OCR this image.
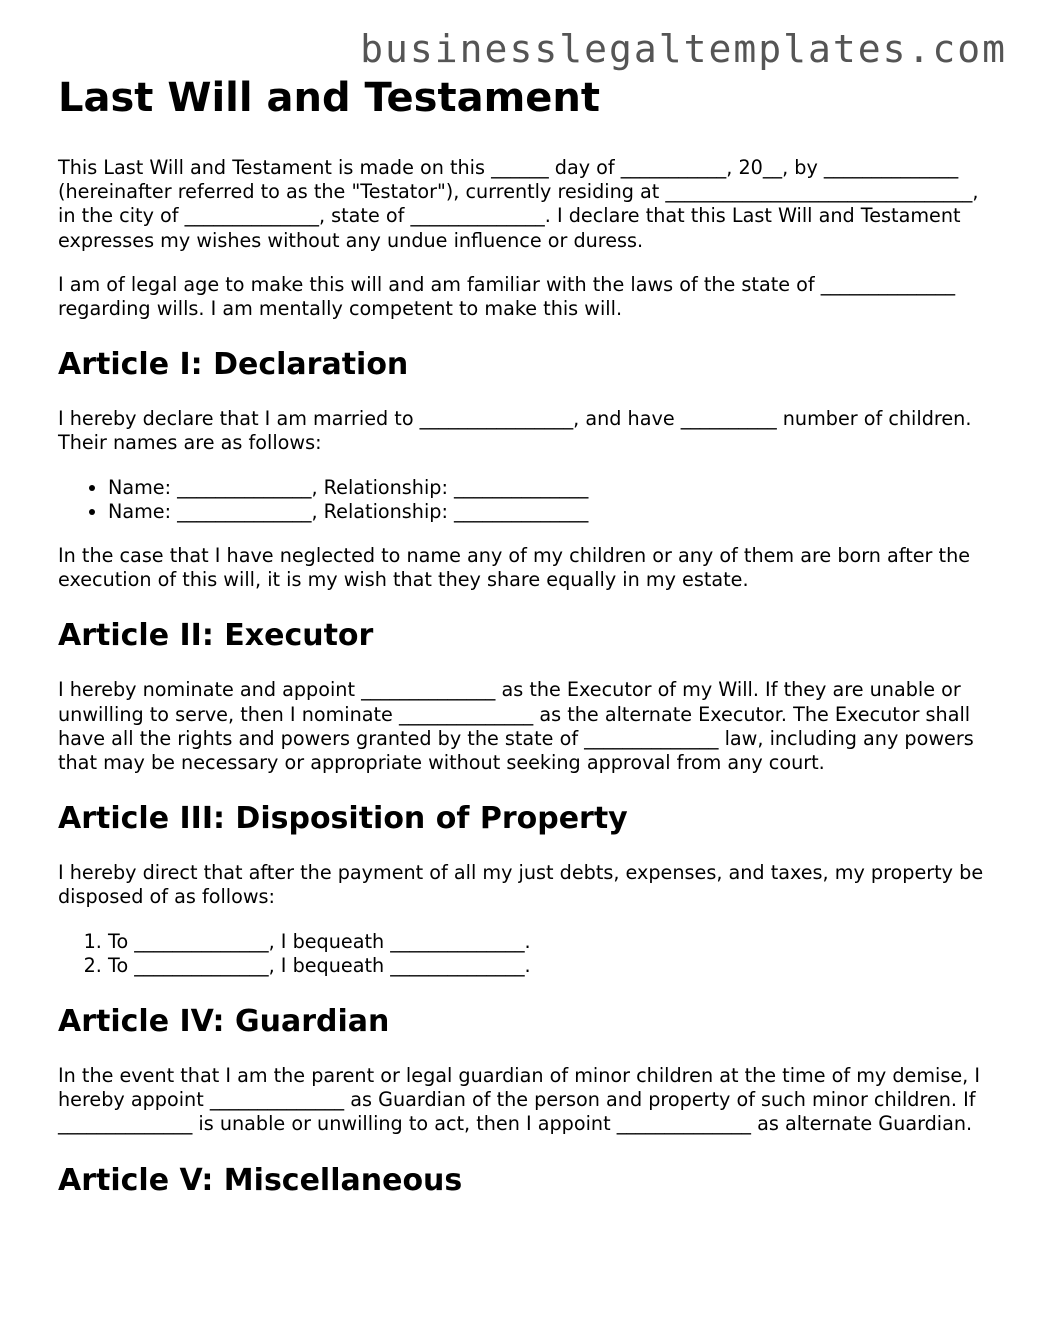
businesslegaltemplates.com
Last Will and Testament

This Last Will and Testament is made on this ______ day of ___________, 20__, by ______________ (hereinafter referred to as the "Testator"), currently residing at ________________________________, in the city of ______________, state of ______________. I declare that this Last Will and Testament expresses my wishes without any undue influence or duress.

I am of legal age to make this will and am familiar with the laws of the state of ______________ regarding wills. I am mentally competent to make this will.

Article I: Declaration

I hereby declare that I am married to ________________, and have __________ number of children. Their names are as follows:

• Name: ______________, Relationship: ______________
• Name: ______________, Relationship: ______________

In the case that I have neglected to name any of my children or any of them are born after the execution of this will, it is my wish that they share equally in my estate.

Article II: Executor

I hereby nominate and appoint ______________ as the Executor of my Will. If they are unable or unwilling to serve, then I nominate ______________ as the alternate Executor. The Executor shall have all the rights and powers granted by the state of ______________ law, including any powers that may be necessary or appropriate without seeking approval from any court.

Article III: Disposition of Property

I hereby direct that after the payment of all my just debts, expenses, and taxes, my property be disposed of as follows:

1. To ______________, I bequeath ______________.
2. To ______________, I bequeath ______________.
Article IV: Guardian

In the event that I am the parent or legal guardian of minor children at the time of my demise, I hereby appoint ______________ as Guardian of the person and property of such minor children. If ______________ is unable or unwilling to act, then I appoint ______________ as alternate Guardian.

Article V: Miscellaneous
